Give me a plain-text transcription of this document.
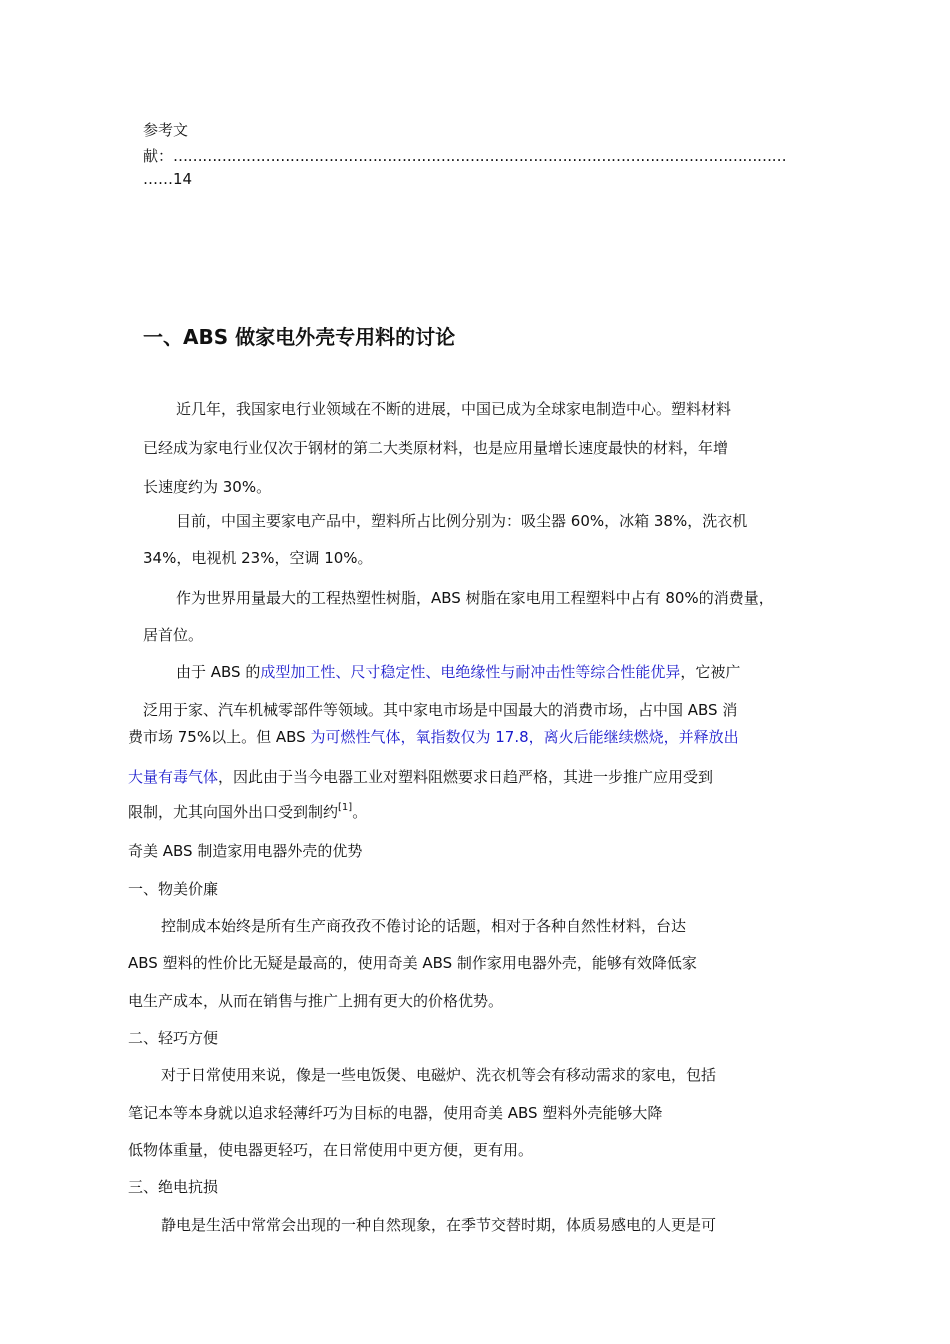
参考文
献：………………………………………………………………………………………………………………
……14
一、ABS 做家电外壳专用料的讨论
近几年，我国家电行业领域在不断的进展，中国已成为全球家电制造中心。塑料材料
已经成为家电行业仅次于钢材的第二大类原材料，也是应用量增长速度最快的材料，年增
长速度约为 30%。
目前，中国主要家电产品中，塑料所占比例分别为：吸尘器 60%，冰箱 38%，洗衣机
34%，电视机 23%，空调 10%。
作为世界用量最大的工程热塑性树脂，ABS 树脂在家电用工程塑料中占有 80%的消费量，
居首位。
由于 ABS 的成型加工性、尺寸稳定性、电绝缘性与耐冲击性等综合性能优异，它被广
泛用于家、汽车机械零部件等领域。其中家电市场是中国最大的消费市场，占中国 ABS 消
费市场 75%以上。但 ABS 为可燃性气体，氧指数仅为 17.8，离火后能继续燃烧，并释放出
大量有毒气体，因此由于当今电器工业对塑料阻燃要求日趋严格，其进一步推广应用受到
限制，尤其向国外出口受到制约[1]。
奇美 ABS 制造家用电器外壳的优势
一、物美价廉
控制成本始终是所有生产商孜孜不倦讨论的话题，相对于各种自然性材料，台达
ABS 塑料的性价比无疑是最高的，使用奇美 ABS 制作家用电器外壳，能够有效降低家
电生产成本，从而在销售与推广上拥有更大的价格优势。
二、轻巧方便
对于日常使用来说，像是一些电饭煲、电磁炉、洗衣机等会有移动需求的家电，包括
笔记本等本身就以追求轻薄纤巧为目标的电器，使用奇美 ABS 塑料外壳能够大降
低物体重量，使电器更轻巧，在日常使用中更方便，更有用。
三、绝电抗损
静电是生活中常常会出现的一种自然现象，在季节交替时期，体质易感电的人更是可
